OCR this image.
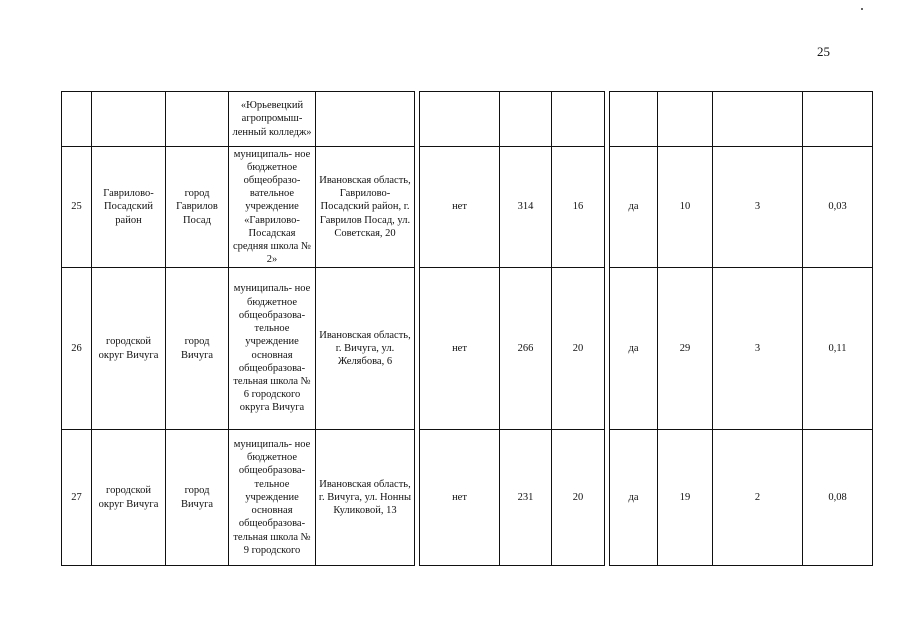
25
			«Юрьевецкий агропромыш- ленный колледж»										
25	Гаврилово- Посадский район	город Гаврилов Посад	муниципаль- ное бюджетное общеобразо- вательное учреждение «Гаврилово- Посадская средняя школа № 2»	Ивановская область, Гаврилово- Посадский район, г. Гаврилов Посад, ул. Советская, 20		нет	314	16		да	10	3	0,03
26	городской округ Вичуга	город Вичуга	муниципаль- ное бюджетное общеобразова- тельное учреждение основная общеобразова- тельная школа № 6 городского округа Вичуга	Ивановская область, г. Вичуга, ул. Желябова, 6		нет	266	20		да	29	3	0,11
27	городской округ Вичуга	город Вичуга	муниципаль- ное бюджетное общеобразова- тельное учреждение основная общеобразова- тельная школа № 9 городского	Ивановская область, г. Вичуга, ул. Нонны Куликовой, 13		нет	231	20		да	19	2	0,08
